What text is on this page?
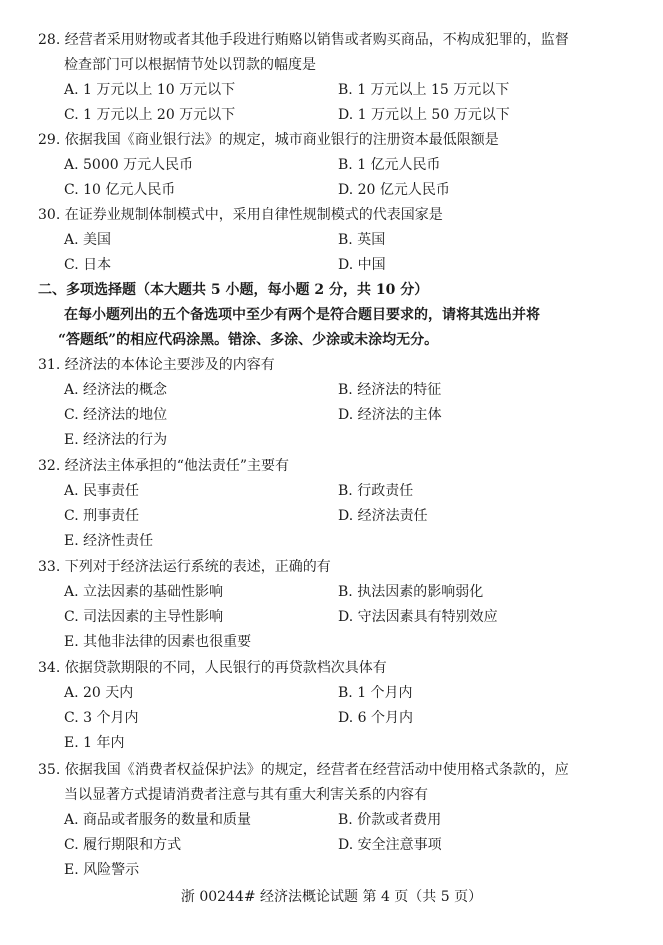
28. 经营者采用财物或者其他手段进行贿赂以销售或者购买商品，不构成犯罪的，监督
检查部门可以根据情节处以罚款的幅度是
A. 1 万元以上 10 万元以下	B. 1 万元以上 15 万元以下
C. 1 万元以上 20 万元以下	D. 1 万元以上 50 万元以下
29. 依据我国《商业银行法》的规定，城市商业银行的注册资本最低限额是
A. 5000 万元人民币	B. 1 亿元人民币
C. 10 亿元人民币	D. 20 亿元人民币
30. 在证券业规制体制模式中，采用自律性规制模式的代表国家是
A. 美国	B. 英国
C. 日本	D. 中国
二、多项选择题（本大题共 5 小题，每小题 2 分，共 10 分）
在每小题列出的五个备选项中至少有两个是符合题目要求的，请将其选出并将
“答题纸”的相应代码涂黑。错涂、多涂、少涂或未涂均无分。
31. 经济法的本体论主要涉及的内容有
A. 经济法的概念	B. 经济法的特征
C. 经济法的地位	D. 经济法的主体
E. 经济法的行为
32. 经济法主体承担的“他法责任”主要有
A. 民事责任	B. 行政责任
C. 刑事责任	D. 经济法责任
E. 经济性责任
33. 下列对于经济法运行系统的表述，正确的有
A. 立法因素的基础性影响	B. 执法因素的影响弱化
C. 司法因素的主导性影响	D. 守法因素具有特别效应
E. 其他非法律的因素也很重要
34. 依据贷款期限的不同，人民银行的再贷款档次具体有
A. 20 天内	B. 1 个月内
C. 3 个月内	D. 6 个月内
E. 1 年内
35. 依据我国《消费者权益保护法》的规定，经营者在经营活动中使用格式条款的，应
当以显著方式提请消费者注意与其有重大利害关系的内容有
A. 商品或者服务的数量和质量	B. 价款或者费用
C. 履行期限和方式	D. 安全注意事项
E. 风险警示
浙 00244# 经济法概论试题 第 4 页（共 5 页）
